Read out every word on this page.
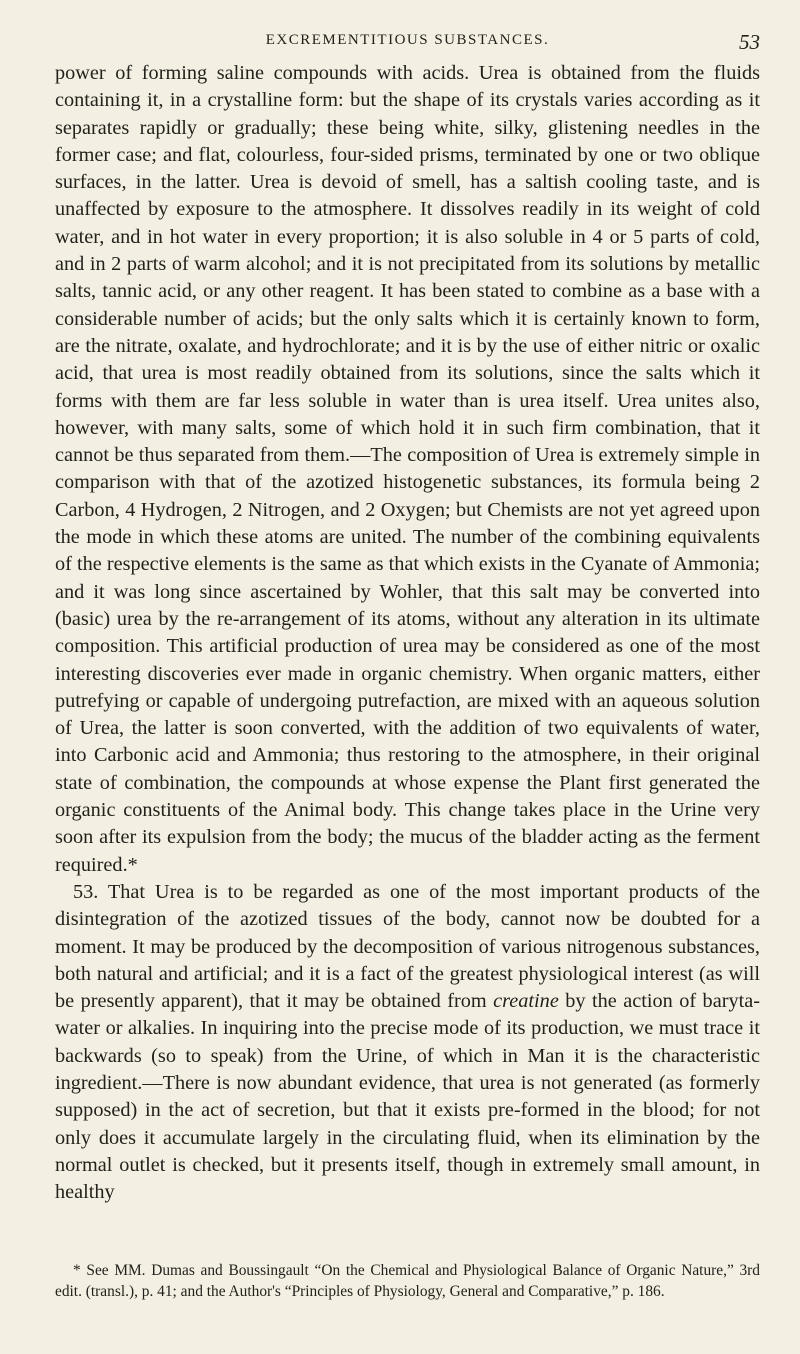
EXCREMENTITIOUS SUBSTANCES.	53

power of forming saline compounds with acids. Urea is obtained from the fluids containing it, in a crystalline form: but the shape of its crystals varies according as it separates rapidly or gradually; these being white, silky, glistening needles in the former case; and flat, colourless, four-sided prisms, terminated by one or two oblique surfaces, in the latter. Urea is devoid of smell, has a saltish cooling taste, and is unaffected by exposure to the atmosphere. It dissolves readily in its weight of cold water, and in hot water in every proportion; it is also soluble in 4 or 5 parts of cold, and in 2 parts of warm alcohol; and it is not precipitated from its solutions by metallic salts, tannic acid, or any other reagent. It has been stated to combine as a base with a considerable number of acids; but the only salts which it is certainly known to form, are the nitrate, oxalate, and hydrochlorate; and it is by the use of either nitric or oxalic acid, that urea is most readily obtained from its solutions, since the salts which it forms with them are far less soluble in water than is urea itself. Urea unites also, however, with many salts, some of which hold it in such firm combination, that it cannot be thus separated from them.—The composition of Urea is extremely simple in comparison with that of the azotized histogenetic substances, its formula being 2 Carbon, 4 Hydrogen, 2 Nitrogen, and 2 Oxygen; but Chemists are not yet agreed upon the mode in which these atoms are united. The number of the combining equivalents of the respective elements is the same as that which exists in the Cyanate of Ammonia; and it was long since ascertained by Wohler, that this salt may be converted into (basic) urea by the re-arrangement of its atoms, without any alteration in its ultimate composition. This artificial production of urea may be considered as one of the most interesting discoveries ever made in organic chemistry. When organic matters, either putrefying or capable of undergoing putrefaction, are mixed with an aqueous solution of Urea, the latter is soon converted, with the addition of two equivalents of water, into Carbonic acid and Ammonia; thus restoring to the atmosphere, in their original state of combination, the compounds at whose expense the Plant first generated the organic constituents of the Animal body. This change takes place in the Urine very soon after its expulsion from the body; the mucus of the bladder acting as the ferment required.*

53. That Urea is to be regarded as one of the most important products of the disintegration of the azotized tissues of the body, cannot now be doubted for a moment. It may be produced by the decomposition of various nitrogenous substances, both natural and artificial; and it is a fact of the greatest physiological interest (as will be presently apparent), that it may be obtained from creatine by the action of baryta-water or alkalies. In inquiring into the precise mode of its production, we must trace it backwards (so to speak) from the Urine, of which in Man it is the characteristic ingredient.—There is now abundant evidence, that urea is not generated (as formerly supposed) in the act of secretion, but that it exists pre-formed in the blood; for not only does it accumulate largely in the circulating fluid, when its elimination by the normal outlet is checked, but it presents itself, though in extremely small amount, in healthy

* See MM. Dumas and Boussingault “On the Chemical and Physiological Balance of Organic Nature,” 3rd edit. (transl.), p. 41; and the Author's “Principles of Physiology, General and Comparative,” p. 186.
